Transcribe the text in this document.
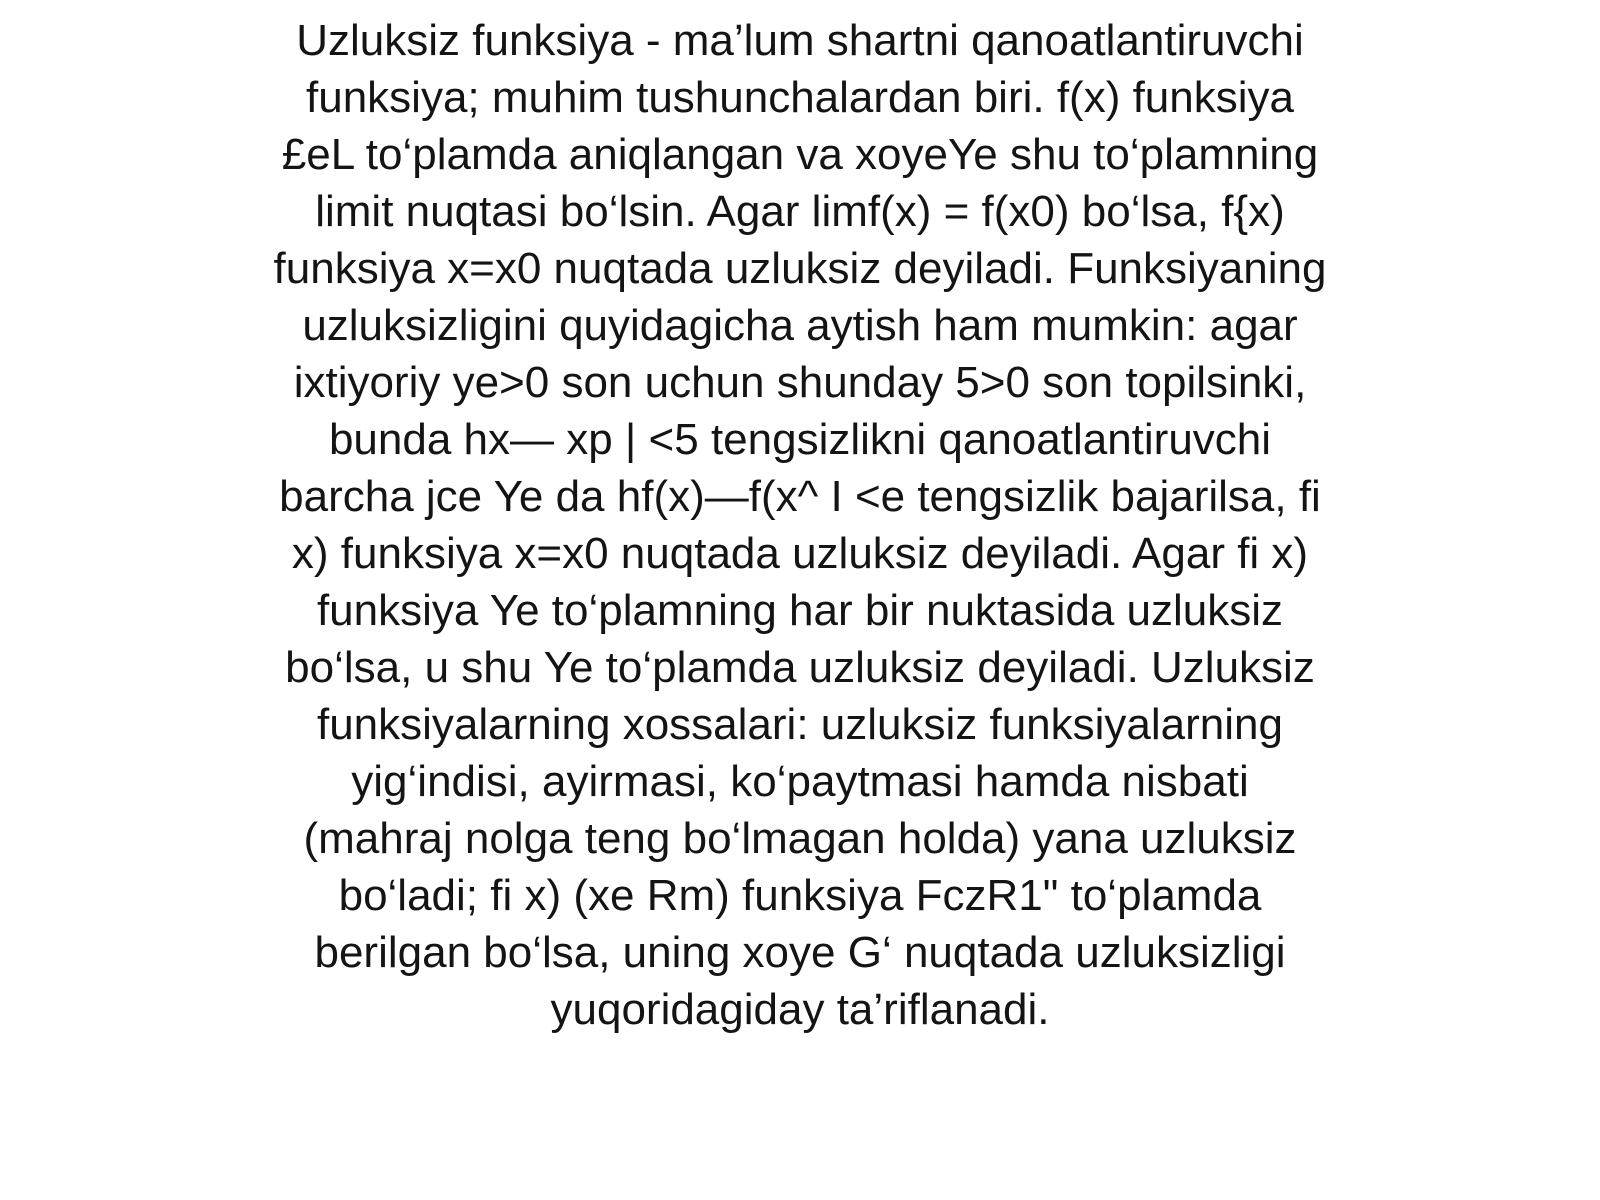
Uzluksiz funksiya - ma’lum shartni qanoatlantiruvchi
funksiya; muhim tushunchalardan biri. f(x) funksiya
£eL to‘plamda aniqlangan va xoyeYe shu to‘plamning
limit nuqtasi bo‘lsin. Agar limf(x) = f(x0) bo‘lsa, f{x)
funksiya x=x0 nuqtada uzluksiz deyiladi. Funksiyaning
uzluksizligini quyidagicha aytish ham mumkin: agar
ixtiyoriy ye>0 son uchun shunday 5>0 son topilsinki,
bunda hx— xp | <5 tengsizlikni qanoatlantiruvchi
barcha jce Ye da hf(x)—f(x^ I <e tengsizlik bajarilsa, fi
x) funksiya x=x0 nuqtada uzluksiz deyiladi. Agar fi x)
funksiya Ye to‘plamning har bir nuktasida uzluksiz
bo‘lsa, u shu Ye to‘plamda uzluksiz deyiladi. Uzluksiz
funksiyalarning xossalari: uzluksiz funksiyalarning
yig‘indisi, ayirmasi, ko‘paytmasi hamda nisbati
(mahraj nolga teng bo‘lmagan holda) yana uzluksiz
bo‘ladi; fi x) (xe Rm) funksiya FczR1" to‘plamda
berilgan bo‘lsa, uning xoye G‘ nuqtada uzluksizligi
yuqoridagiday ta’riflanadi.
